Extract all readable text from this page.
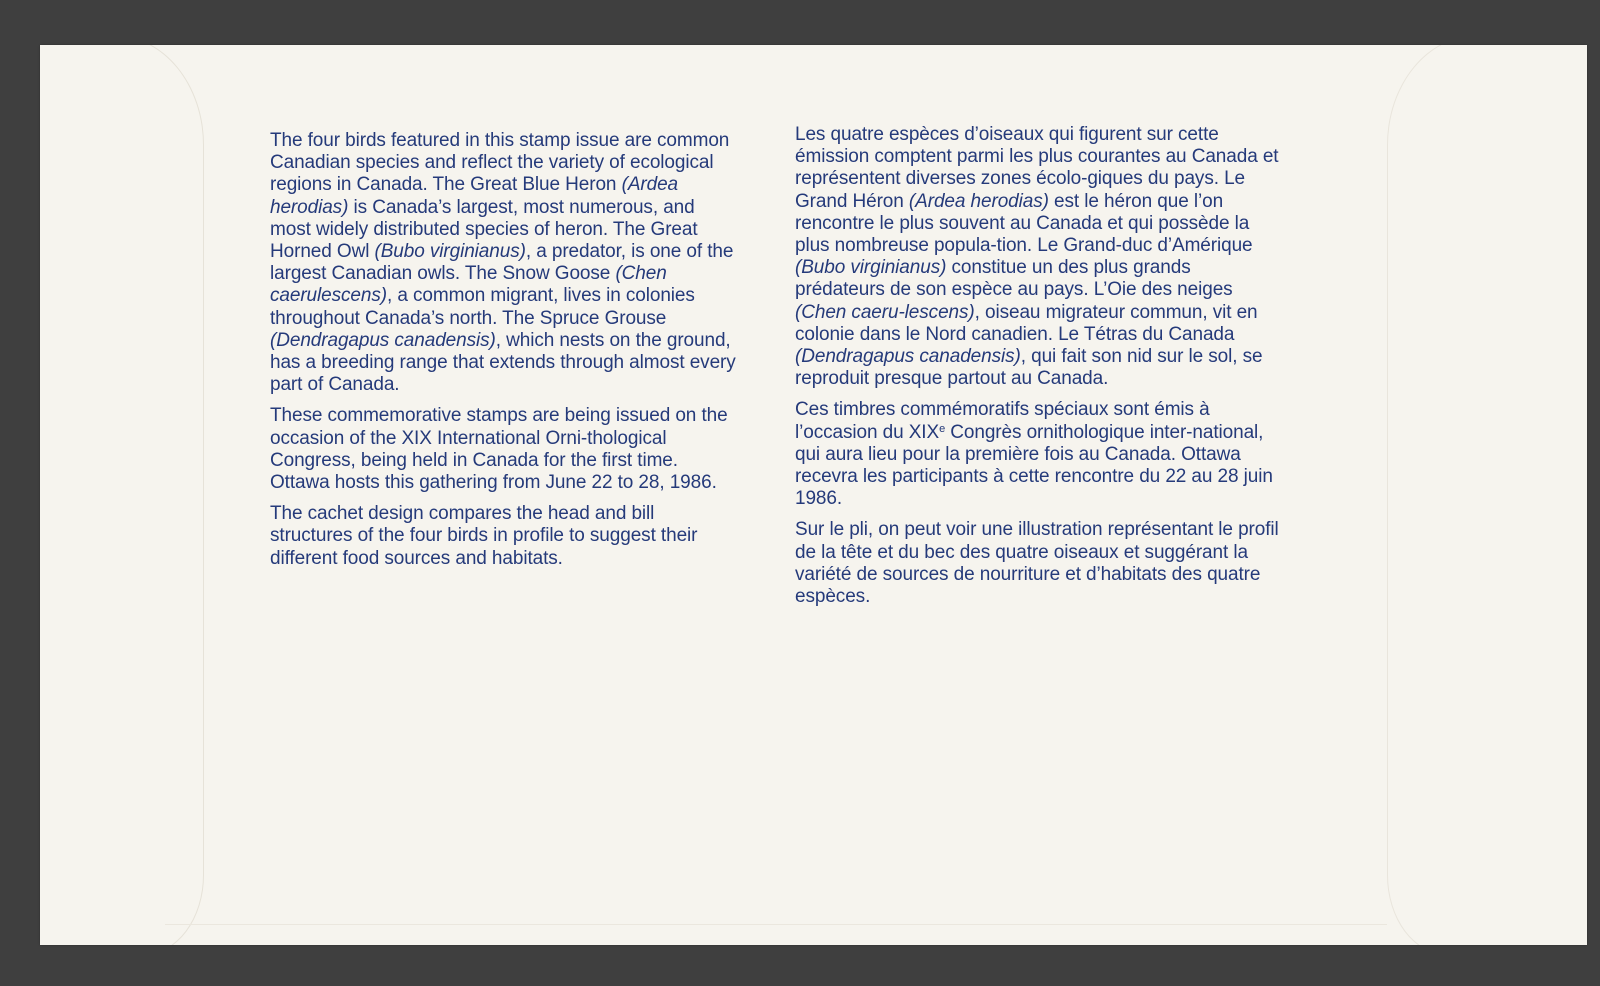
The four birds featured in this stamp issue are common Canadian species and reflect the variety of ecological regions in Canada. The Great Blue Heron (Ardea herodias) is Canada’s largest, most numerous, and most widely distributed species of heron. The Great Horned Owl (Bubo virginianus), a predator, is one of the largest Canadian owls. The Snow Goose (Chen caerulescens), a common migrant, lives in colonies throughout Canada’s north. The Spruce Grouse (Dendragapus canadensis), which nests on the ground, has a breeding range that extends through almost every part of Canada.

These commemorative stamps are being issued on the occasion of the XIX International Orni-thological Congress, being held in Canada for the first time. Ottawa hosts this gathering from June 22 to 28, 1986.

The cachet design compares the head and bill structures of the four birds in profile to suggest their different food sources and habitats.

Les quatre espèces d’oiseaux qui figurent sur cette émission comptent parmi les plus courantes au Canada et représentent diverses zones écolo-giques du pays. Le Grand Héron (Ardea herodias) est le héron que l’on rencontre le plus souvent au Canada et qui possède la plus nombreuse popula-tion. Le Grand-duc d’Amérique (Bubo virginianus) constitue un des plus grands prédateurs de son espèce au pays. L’Oie des neiges (Chen caeru-lescens), oiseau migrateur commun, vit en colonie dans le Nord canadien. Le Tétras du Canada (Dendragapus canadensis), qui fait son nid sur le sol, se reproduit presque partout au Canada.

Ces timbres commémoratifs spéciaux sont émis à l’occasion du XIXe Congrès ornithologique inter-national, qui aura lieu pour la première fois au Canada. Ottawa recevra les participants à cette rencontre du 22 au 28 juin 1986.

Sur le pli, on peut voir une illustration représentant le profil de la tête et du bec des quatre oiseaux et suggérant la variété de sources de nourriture et d’habitats des quatre espèces.
